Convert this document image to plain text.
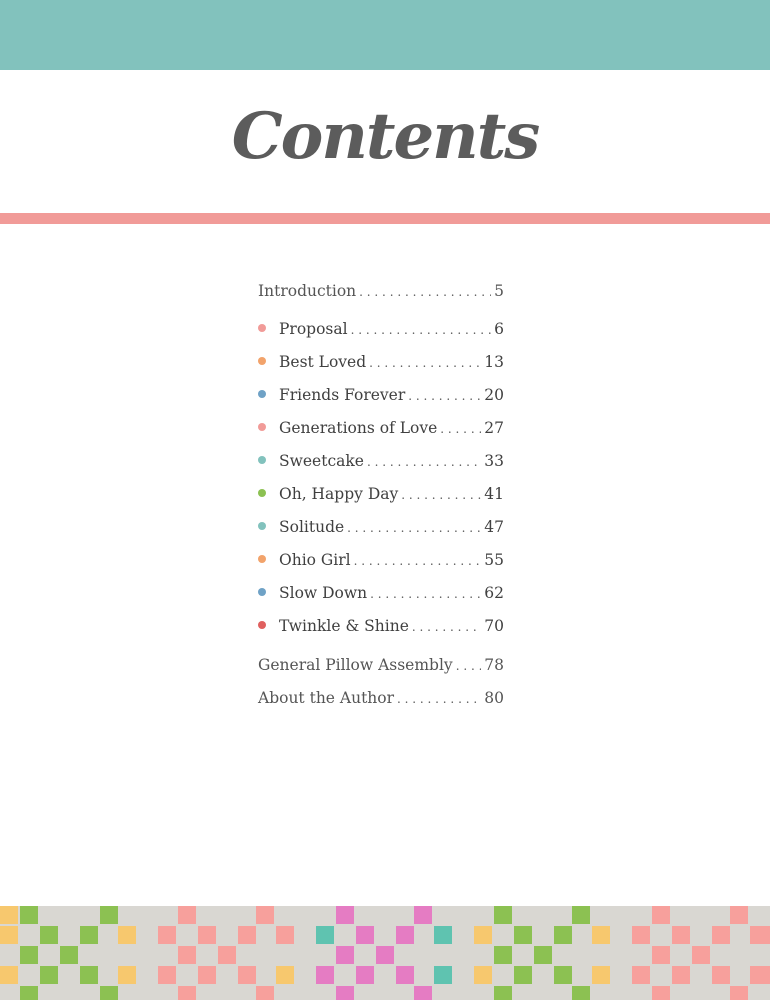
Contents
Introduction . . .	5
Proposal . . .	6
Best Loved . . .	13
Friends Forever . . .	20
Generations of Love . . .	27
Sweetcake . . .	33
Oh, Happy Day . . .	41
Solitude . . .	47
Ohio Girl . . .	55
Slow Down . . .	62
Twinkle & Shine . . .	70
General Pillow Assembly . . . 78
About the Author . . .	80
